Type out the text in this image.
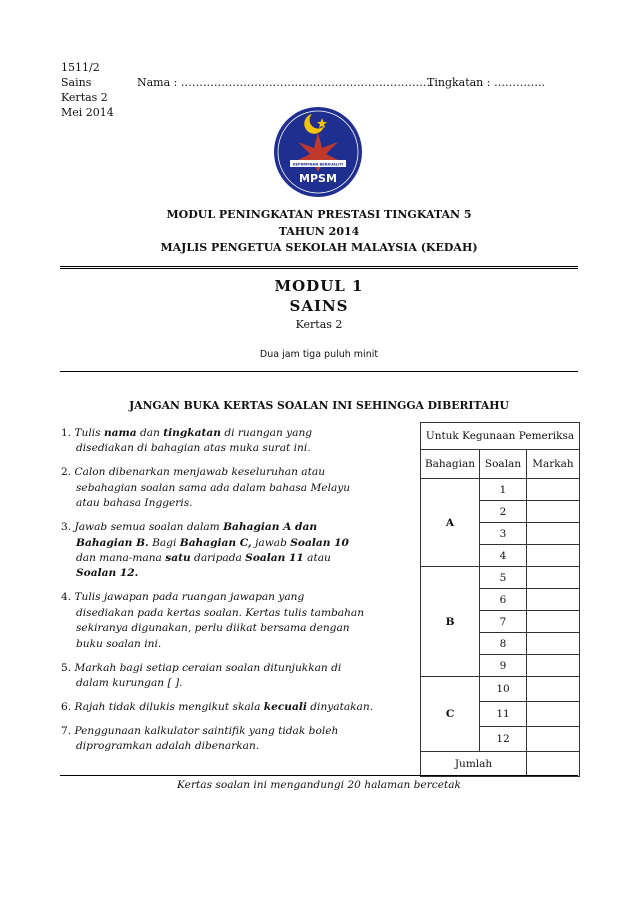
1511/2
Sains
Kertas 2
Mei 2014
Nama : ……………………………………………………………
Tingkatan : …………..
KEPIMPINAN BERKUALITI
MPSM
MODUL PENINGKATAN PRESTASI TINGKATAN 5
TAHUN 2014
MAJLIS PENGETUA SEKOLAH MALAYSIA (KEDAH)
MODUL 1
SAINS
Kertas 2
Dua jam tiga puluh minit
JANGAN BUKA KERTAS SOALAN INI SEHINGGA DIBERITAHU
1. Tulis nama dan tingkatan di ruangan yang
disediakan di bahagian atas muka surat ini.
2. Calon dibenarkan menjawab keseluruhan atau
sebahagian soalan sama ada dalam bahasa Melayu
atau bahasa Inggeris.
3. Jawab semua soalan dalam Bahagian A dan
Bahagian B. Bagi Bahagian C, jawab Soalan 10
dan mana-mana satu daripada Soalan 11 atau
Soalan 12.
4. Tulis jawapan pada ruangan jawapan yang
disediakan pada kertas soalan. Kertas tulis tambahan
sekiranya digunakan, perlu diikat bersama dengan
buku soalan ini.
5. Markah bagi setiap ceraian soalan ditunjukkan di
dalam kurungan [ ].
6. Rajah tidak dilukis mengikut skala kecuali dinyatakan.
7. Penggunaan kalkulator saintifik yang tidak boleh
diprogramkan adalah dibenarkan.
Untuk Kegunaan Pemeriksa		
Bahagian	Soalan	Markah
A	1	
	2	
	3	
	4	
B	5	
	6	
	7	
	8	
	9	
C	10	
	11	
	12	
Jumlah		
Kertas soalan ini mengandungi 20 halaman bercetak
